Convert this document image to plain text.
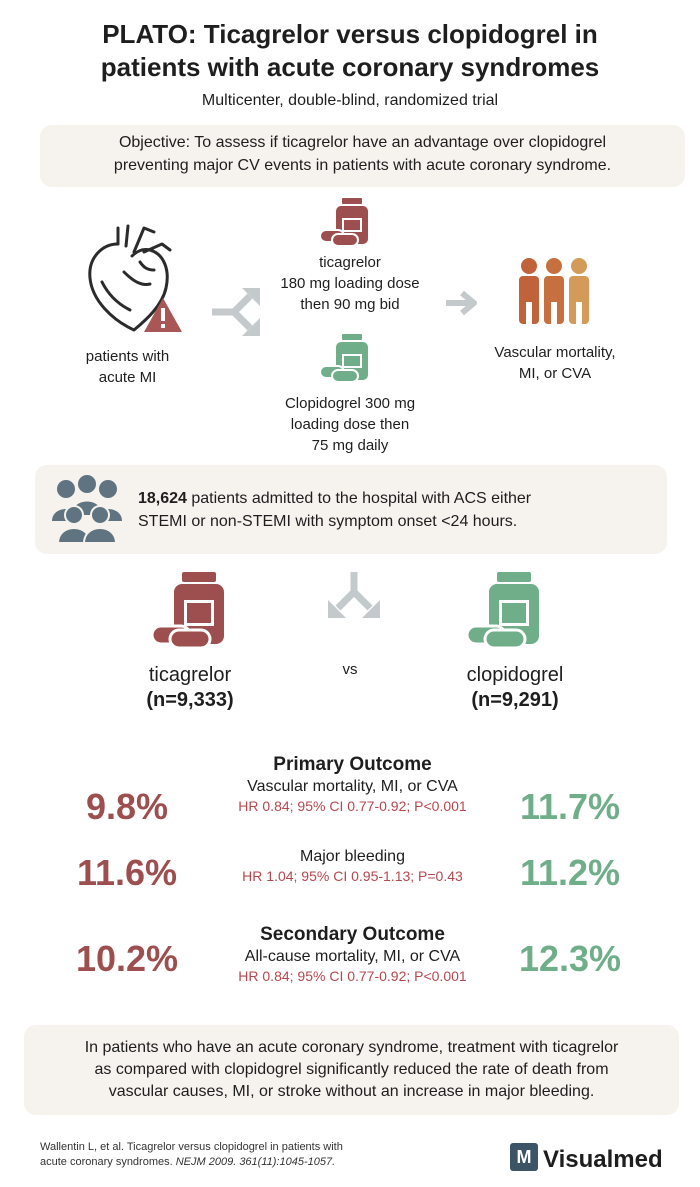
PLATO: Ticagrelor versus clopidogrel in
patients with acute coronary syndromes
Multicenter, double-blind, randomized trial
Objective: To assess if ticagrelor have an advantage over clopidogrel
preventing major CV events in patients with acute coronary syndrome.
patients with
acute MI
ticagrelor
180 mg loading dose
then 90 mg bid
Clopidogrel 300 mg
loading dose then
75 mg daily
Vascular mortality,
MI, or CVA
18,624 patients admitted to the hospital with ACS either
STEMI or non-STEMI with symptom onset <24 hours.
ticagrelor
(n=9,333)
vs	clopidogrel
(n=9,291)
Primary Outcome
Vascular mortality, MI, or CVA
HR 0.84; 95% CI 0.77-0.92; P<0.001
9.8%	11.7%
Major bleeding
HR 1.04; 95% CI 0.95-1.13; P=0.43
11.6%	11.2%
Secondary Outcome
All-cause mortality, MI, or CVA
HR 0.84; 95% CI 0.77-0.92; P<0.001
10.2%	12.3%
In patients who have an acute coronary syndrome, treatment with ticagrelor
as compared with clopidogrel significantly reduced the rate of death from
vascular causes, MI, or stroke without an increase in major bleeding.
Wallentin L, et al. Ticagrelor versus clopidogrel in patients with
acute coronary syndromes. NEJM 2009. 361(11):1045-1057.	M Visualmed
